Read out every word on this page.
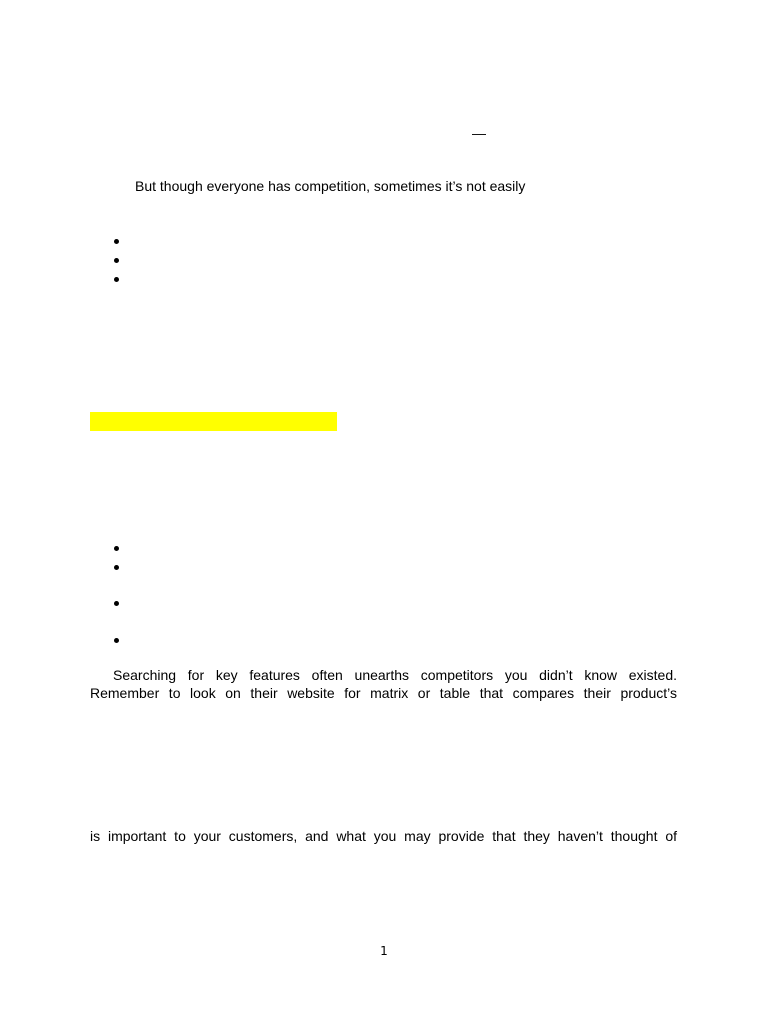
—
But though everyone has competition, sometimes it’s not easily
Searching for key features often unearths competitors you didn’t know existed.
Remember to look on their website for matrix or table that compares their product’s
is important to your customers, and what you may provide that they haven’t thought of
1
